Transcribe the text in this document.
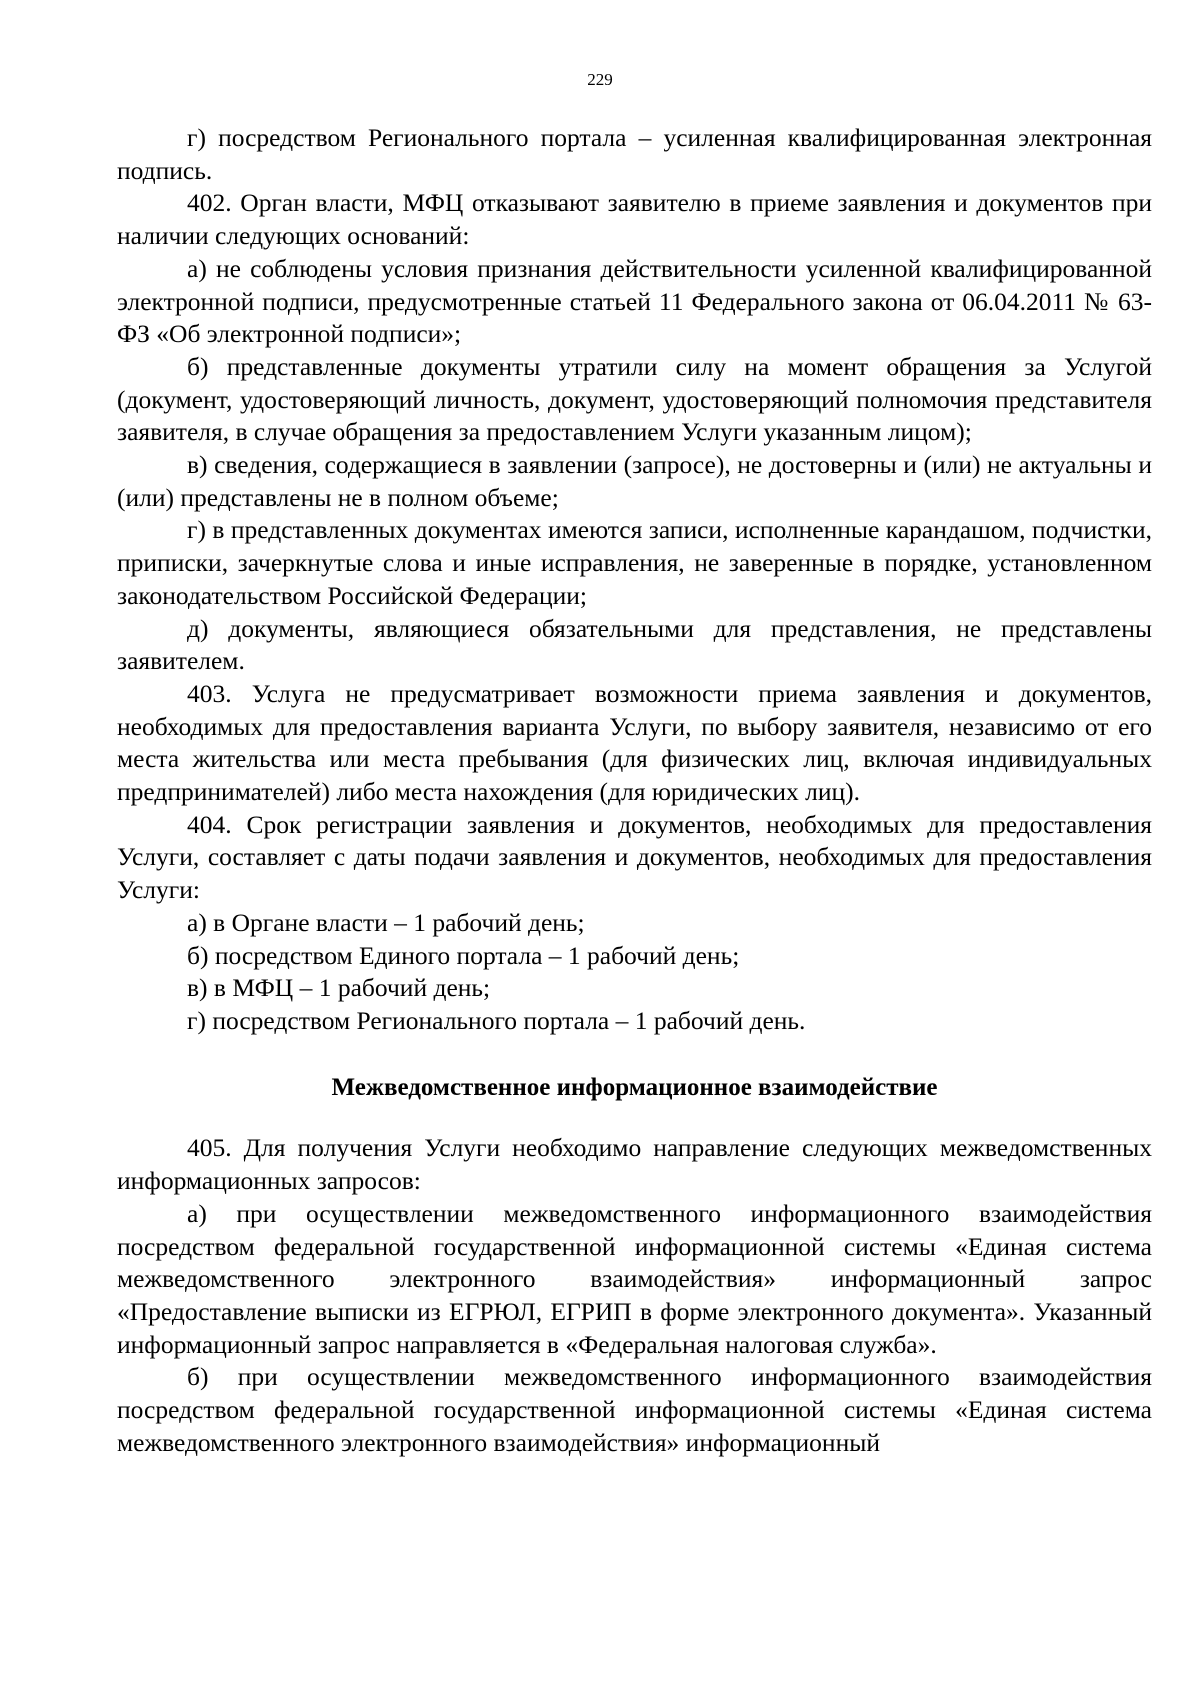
229

г) посредством Регионального портала – усиленная квалифицированная электронная подпись.

402. Орган власти, МФЦ отказывают заявителю в приеме заявления и документов при наличии следующих оснований:

а) не соблюдены условия признания действительности усиленной квалифицированной электронной подписи, предусмотренные статьей 11 Федерального закона от 06.04.2011 № 63-ФЗ «Об электронной подписи»;

б) представленные документы утратили силу на момент обращения за Услугой (документ, удостоверяющий личность, документ, удостоверяющий полномочия представителя заявителя, в случае обращения за предоставлением Услуги указанным лицом);

в) сведения, содержащиеся в заявлении (запросе), не достоверны и (или) не актуальны и (или) представлены не в полном объеме;

г) в представленных документах имеются записи, исполненные карандашом, подчистки, приписки, зачеркнутые слова и иные исправления, не заверенные в порядке, установленном законодательством Российской Федерации;

д) документы, являющиеся обязательными для представления, не представлены заявителем.

403. Услуга не предусматривает возможности приема заявления и документов, необходимых для предоставления варианта Услуги, по выбору заявителя, независимо от его места жительства или места пребывания (для физических лиц, включая индивидуальных предпринимателей) либо места нахождения (для юридических лиц).

404. Срок регистрации заявления и документов, необходимых для предоставления Услуги, составляет с даты подачи заявления и документов, необходимых для предоставления Услуги:

а) в Органе власти – 1 рабочий день;

б) посредством Единого портала – 1 рабочий день;

в) в МФЦ – 1 рабочий день;

г) посредством Регионального портала – 1 рабочий день.

Межведомственное информационное взаимодействие

405. Для получения Услуги необходимо направление следующих межведомственных информационных запросов:

а) при осуществлении межведомственного информационного взаимодействия посредством федеральной государственной информационной системы «Единая система межведомственного электронного взаимодействия» информационный запрос «Предоставление выписки из ЕГРЮЛ, ЕГРИП в форме электронного документа». Указанный информационный запрос направляется в «Федеральная налоговая служба».

б) при осуществлении межведомственного информационного взаимодействия посредством федеральной государственной информационной системы «Единая система межведомственного электронного взаимодействия» информационный
